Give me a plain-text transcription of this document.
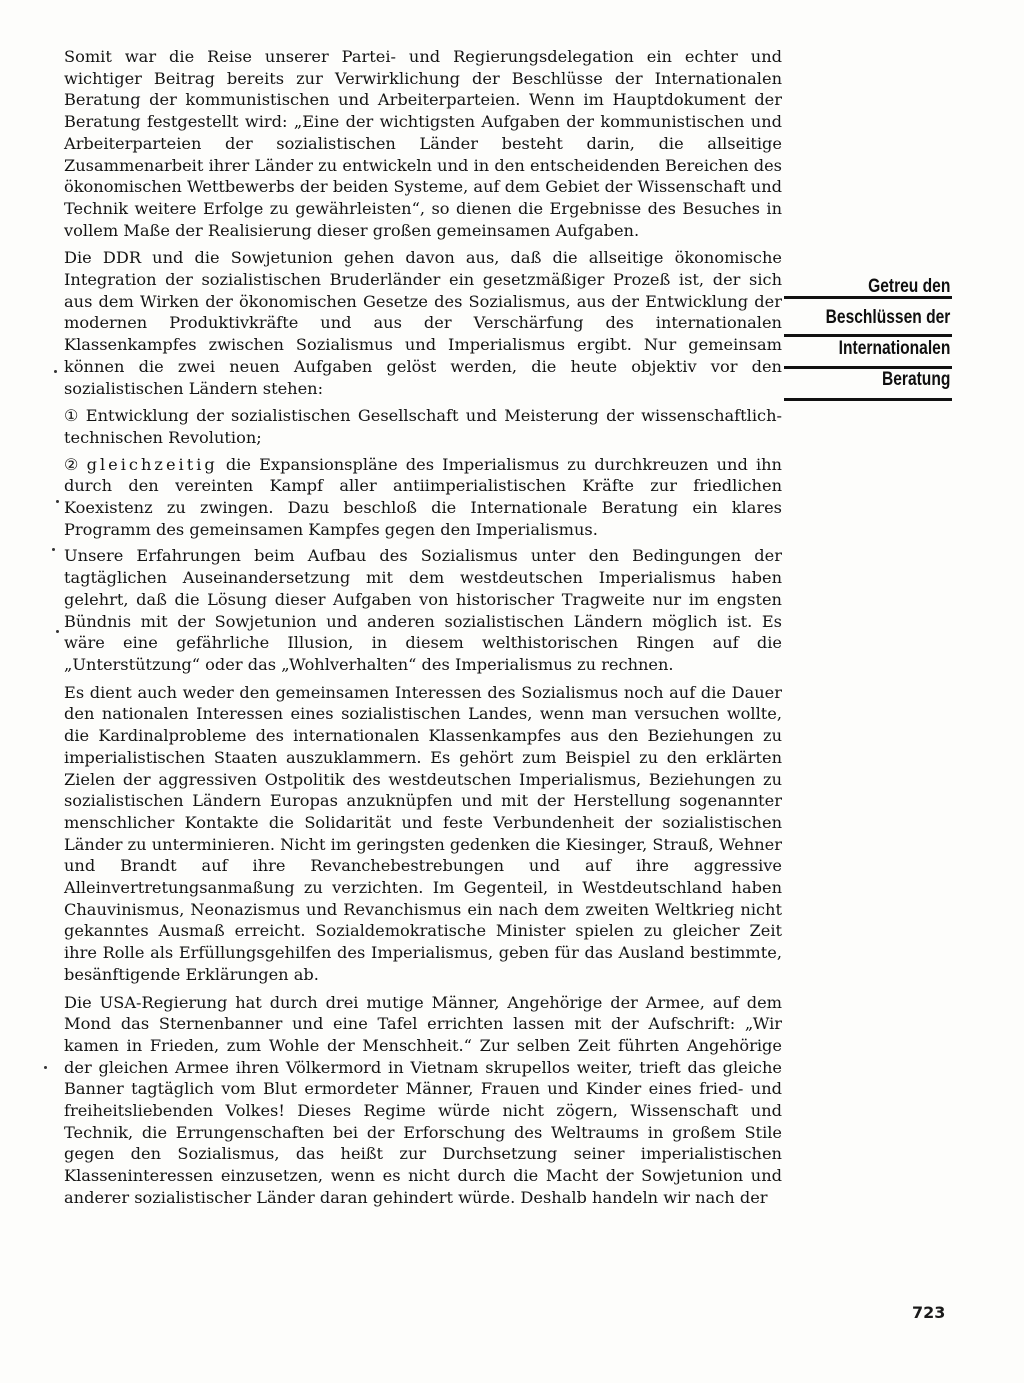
Somit war die Reise unserer Partei- und Regierungsdelegation ein echter und wichtiger Beitrag bereits zur Verwirklichung der Beschlüsse der Internationalen Beratung der kommunistischen und Arbeiterparteien. Wenn im Hauptdokument der Beratung festgestellt wird: „Eine der wichtigsten Aufgaben der kommunistischen und Arbeiterparteien der sozialistischen Länder besteht darin, die allseitige Zusammenarbeit ihrer Länder zu entwickeln und in den entscheidenden Bereichen des ökonomischen Wettbewerbs der beiden Systeme, auf dem Gebiet der Wissenschaft und Technik weitere Erfolge zu gewährleisten“, so dienen die Ergebnisse des Besuches in vollem Maße der Realisierung dieser großen gemeinsamen Aufgaben.

Die DDR und die Sowjetunion gehen davon aus, daß die allseitige ökonomische Integration der sozialistischen Bruderländer ein gesetzmäßiger Prozeß ist, der sich aus dem Wirken der ökonomischen Gesetze des Sozialismus, aus der Entwicklung der modernen Produktivkräfte und aus der Verschärfung des internationalen Klassenkampfes zwischen Sozialismus und Imperialismus ergibt. Nur gemeinsam können die zwei neuen Aufgaben gelöst werden, die heute objektiv vor den sozialistischen Ländern stehen:

① Entwicklung der sozialistischen Gesellschaft und Meisterung der wissenschaftlich-technischen Revolution;

② gleichzeitig die Expansionspläne des Imperialismus zu durchkreuzen und ihn durch den vereinten Kampf aller antiimperialistischen Kräfte zur friedlichen Koexistenz zu zwingen. Dazu beschloß die Internationale Beratung ein klares Programm des gemeinsamen Kampfes gegen den Imperialismus.

Unsere Erfahrungen beim Aufbau des Sozialismus unter den Bedingungen der tagtäglichen Auseinandersetzung mit dem westdeutschen Imperialismus haben gelehrt, daß die Lösung dieser Aufgaben von historischer Tragweite nur im engsten Bündnis mit der Sowjetunion und anderen sozialistischen Ländern möglich ist. Es wäre eine gefährliche Illusion, in diesem welthistorischen Ringen auf die „Unterstützung“ oder das „Wohlverhalten“ des Imperialismus zu rechnen.

Es dient auch weder den gemeinsamen Interessen des Sozialismus noch auf die Dauer den nationalen Interessen eines sozialistischen Landes, wenn man versuchen wollte, die Kardinalprobleme des internationalen Klassenkampfes aus den Beziehungen zu imperialistischen Staaten auszuklammern. Es gehört zum Beispiel zu den erklärten Zielen der aggressiven Ostpolitik des westdeutschen Imperialismus, Beziehungen zu sozialistischen Ländern Europas anzuknüpfen und mit der Herstellung sogenannter menschlicher Kontakte die Solidarität und feste Verbundenheit der sozialistischen Länder zu unterminieren. Nicht im geringsten gedenken die Kiesinger, Strauß, Wehner und Brandt auf ihre Revanchebestrebungen und auf ihre aggressive Alleinvertretungsanmaßung zu verzichten. Im Gegenteil, in Westdeutschland haben Chauvinismus, Neonazismus und Revanchismus ein nach dem zweiten Weltkrieg nicht gekanntes Ausmaß erreicht. Sozialdemokratische Minister spielen zu gleicher Zeit ihre Rolle als Erfüllungsgehilfen des Imperialismus, geben für das Ausland bestimmte, besänftigende Erklärungen ab.

Die USA-Regierung hat durch drei mutige Männer, Angehörige der Armee, auf dem Mond das Sternenbanner und eine Tafel errichten lassen mit der Aufschrift: „Wir kamen in Frieden, zum Wohle der Menschheit.“ Zur selben Zeit führten Angehörige der gleichen Armee ihren Völkermord in Vietnam skrupellos weiter, trieft das gleiche Banner tagtäglich vom Blut ermordeter Männer, Frauen und Kinder eines fried- und freiheitsliebenden Volkes! Dieses Regime würde nicht zögern, Wissenschaft und Technik, die Errungenschaften bei der Erforschung des Weltraums in großem Stile gegen den Sozialismus, das heißt zur Durchsetzung seiner imperialistischen Klasseninteressen einzusetzen, wenn es nicht durch die Macht der Sowjetunion und anderer sozialistischer Länder daran gehindert würde. Deshalb handeln wir nach der

Getreu den
Beschlüssen der
Internationalen
Beratung
723
